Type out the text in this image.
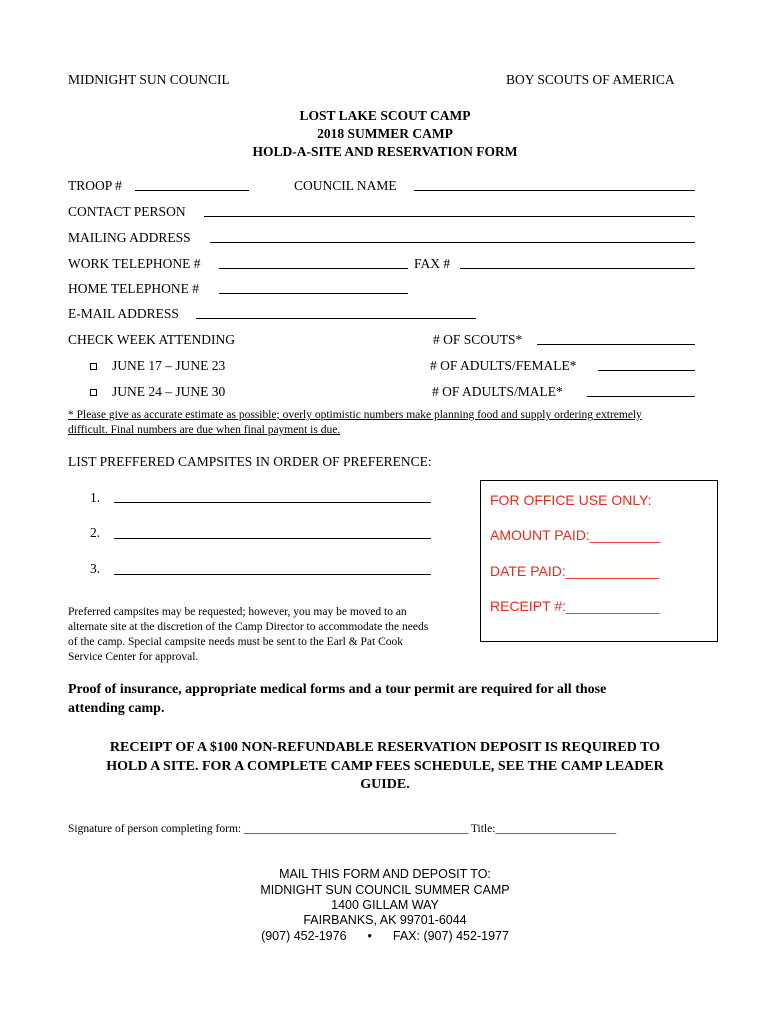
MIDNIGHT SUN COUNCIL	BOY SCOUTS OF AMERICA
LOST LAKE SCOUT CAMP
2018 SUMMER CAMP
HOLD-A-SITE AND RESERVATION FORM
TROOP #	COUNCIL NAME
CONTACT PERSON
MAILING ADDRESS
WORK TELEPHONE #	FAX #
HOME TELEPHONE #
E-MAIL ADDRESS
CHECK WEEK ATTENDING	# OF SCOUTS*
JUNE 17 – JUNE 23	# OF ADULTS/FEMALE*
JUNE 24 – JUNE 30	# OF ADULTS/MALE*
* Please give as accurate estimate as possible; overly optimistic numbers make planning food and supply ordering extremely
difficult. Final numbers are due when final payment is due.
LIST PREFFERED CAMPSITES IN ORDER OF PREFERENCE:
1.
2.
3.
Preferred campsites may be requested; however, you may be moved to an
alternate site at the discretion of the Camp Director to accommodate the needs
of the camp. Special campsite needs must be sent to the Earl & Pat Cook
Service Center for approval.
FOR OFFICE USE ONLY:
AMOUNT PAID:_________
DATE PAID:____________
RECEIPT #:____________
Proof of insurance, appropriate medical forms and a tour permit are required for all those
attending camp.
RECEIPT OF A $100 NON-REFUNDABLE RESERVATION DEPOSIT IS REQUIRED TO
HOLD A SITE. FOR A COMPLETE CAMP FEES SCHEDULE, SEE THE CAMP LEADER
GUIDE.
Signature of person completing form: _______________________________________ Title:_____________________
MAIL THIS FORM AND DEPOSIT TO:
MIDNIGHT SUN COUNCIL SUMMER CAMP
1400 GILLAM WAY
FAIRBANKS, AK 99701-6044
(907) 452-1976 • FAX: (907) 452-1977
